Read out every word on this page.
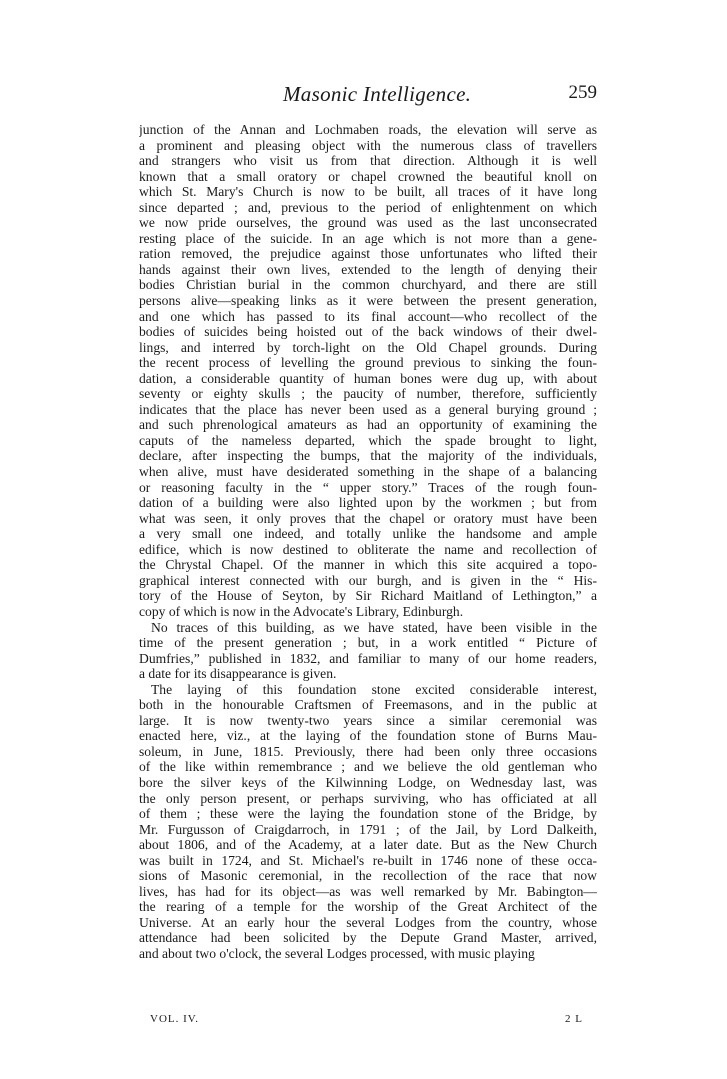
Masonic Intelligence.	259
junction of the Annan and Lochmaben roads, the elevation will serve as
a prominent and pleasing object with the numerous class of travellers
and strangers who visit us from that direction. Although it is well
known that a small oratory or chapel crowned the beautiful knoll on
which St. Mary's Church is now to be built, all traces of it have long
since departed ; and, previous to the period of enlightenment on which
we now pride ourselves, the ground was used as the last unconsecrated
resting place of the suicide. In an age which is not more than a gene-
ration removed, the prejudice against those unfortunates who lifted their
hands against their own lives, extended to the length of denying their
bodies Christian burial in the common churchyard, and there are still
persons alive—speaking links as it were between the present generation,
and one which has passed to its final account—who recollect of the
bodies of suicides being hoisted out of the back windows of their dwel-
lings, and interred by torch-light on the Old Chapel grounds. During
the recent process of levelling the ground previous to sinking the foun-
dation, a considerable quantity of human bones were dug up, with about
seventy or eighty skulls ; the paucity of number, therefore, sufficiently
indicates that the place has never been used as a general burying ground ;
and such phrenological amateurs as had an opportunity of examining the
caputs of the nameless departed, which the spade brought to light,
declare, after inspecting the bumps, that the majority of the individuals,
when alive, must have desiderated something in the shape of a balancing
or reasoning faculty in the “ upper story.” Traces of the rough foun-
dation of a building were also lighted upon by the workmen ; but from
what was seen, it only proves that the chapel or oratory must have been
a very small one indeed, and totally unlike the handsome and ample
edifice, which is now destined to obliterate the name and recollection of
the Chrystal Chapel. Of the manner in which this site acquired a topo-
graphical interest connected with our burgh, and is given in the “ His-
tory of the House of Seyton, by Sir Richard Maitland of Lethington,” a
copy of which is now in the Advocate's Library, Edinburgh.
No traces of this building, as we have stated, have been visible in the
time of the present generation ; but, in a work entitled “ Picture of
Dumfries,” published in 1832, and familiar to many of our home readers,
a date for its disappearance is given.
The laying of this foundation stone excited considerable interest,
both in the honourable Craftsmen of Freemasons, and in the public at
large. It is now twenty-two years since a similar ceremonial was
enacted here, viz., at the laying of the foundation stone of Burns Mau-
soleum, in June, 1815. Previously, there had been only three occasions
of the like within remembrance ; and we believe the old gentleman who
bore the silver keys of the Kilwinning Lodge, on Wednesday last, was
the only person present, or perhaps surviving, who has officiated at all
of them ; these were the laying the foundation stone of the Bridge, by
Mr. Furgusson of Craigdarroch, in 1791 ; of the Jail, by Lord Dalkeith,
about 1806, and of the Academy, at a later date. But as the New Church
was built in 1724, and St. Michael's re-built in 1746 none of these occa-
sions of Masonic ceremonial, in the recollection of the race that now
lives, has had for its object—as was well remarked by Mr. Babington—
the rearing of a temple for the worship of the Great Architect of the
Universe. At an early hour the several Lodges from the country, whose
attendance had been solicited by the Depute Grand Master, arrived,
and about two o'clock, the several Lodges processed, with music playing
VOL. IV.	2 L
